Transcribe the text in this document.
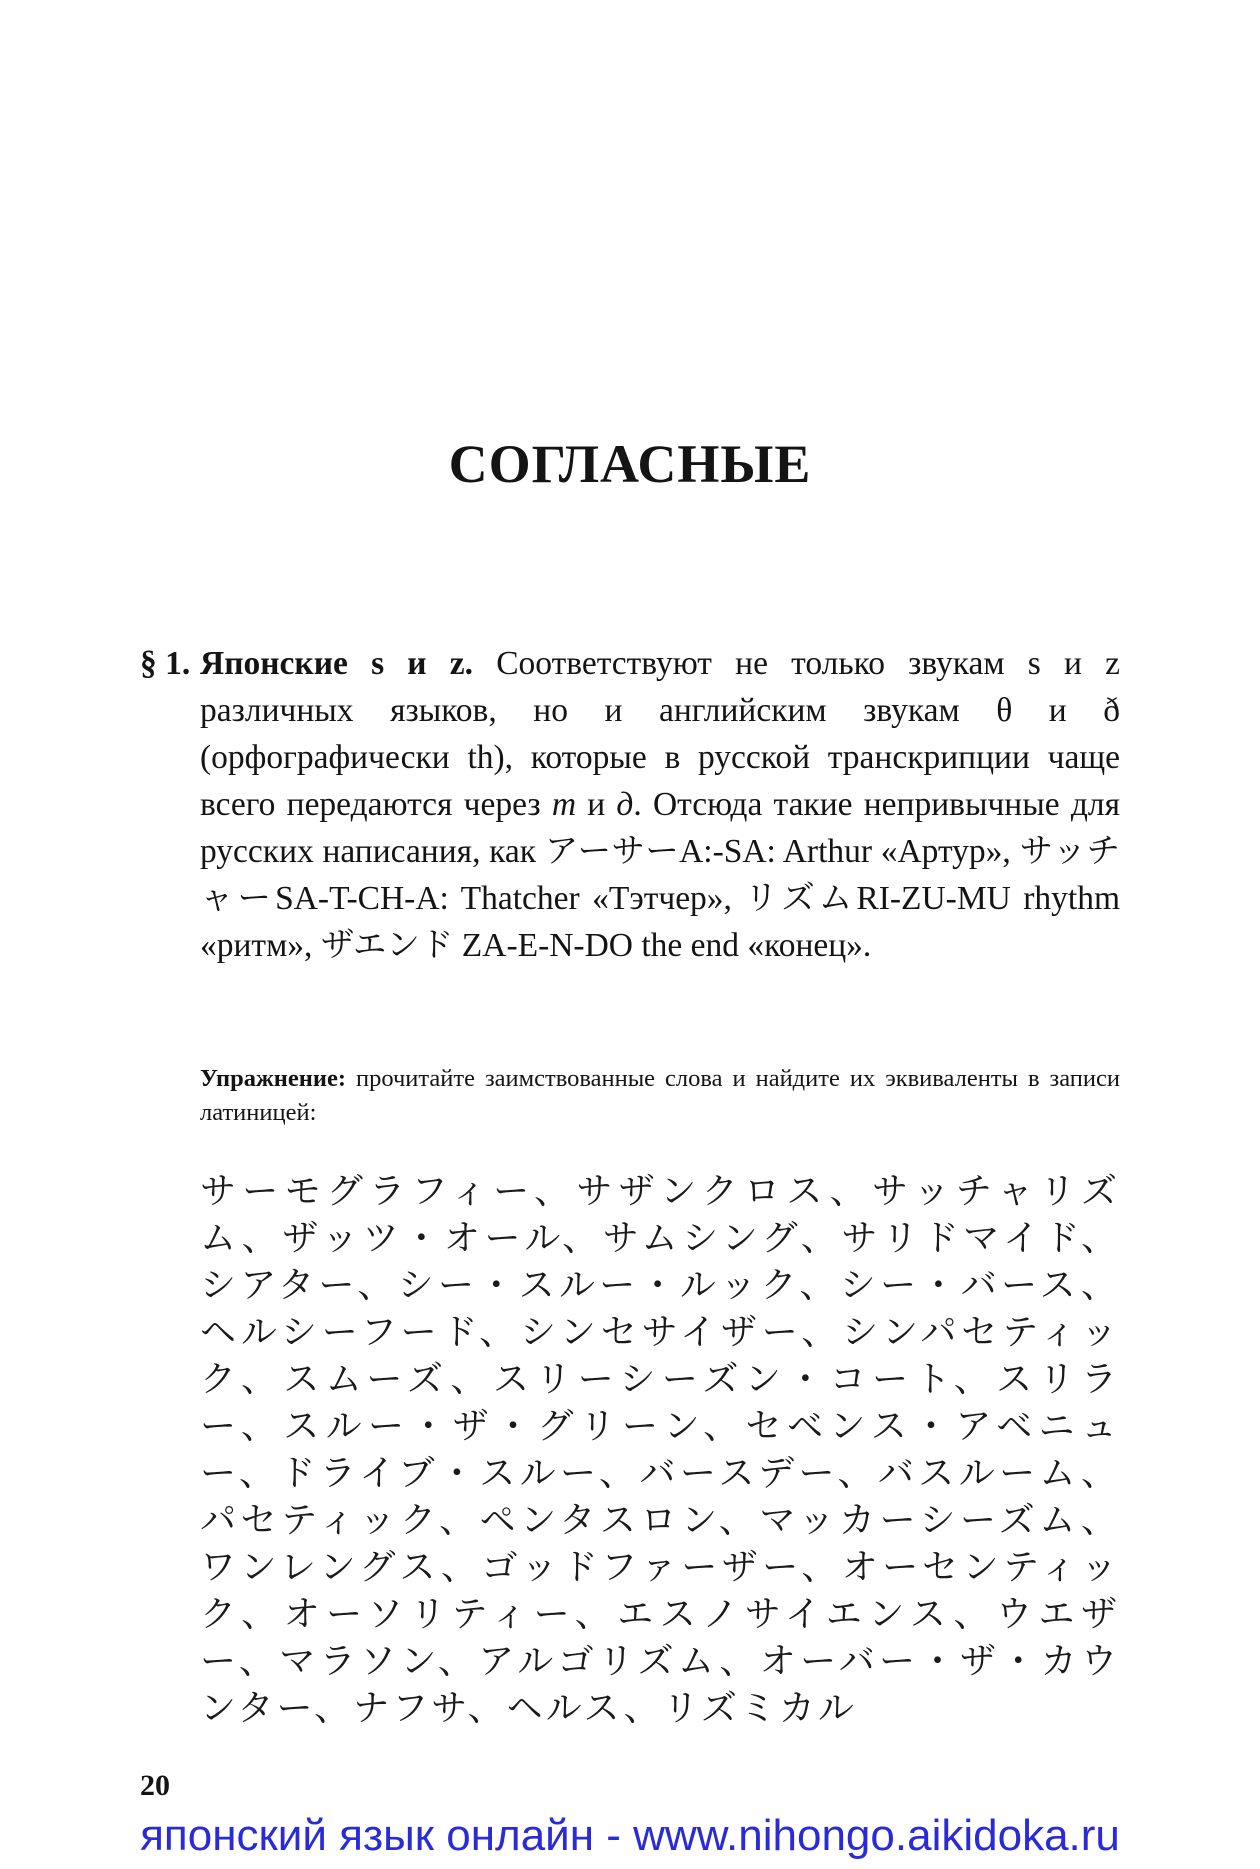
СОГЛАСНЫЕ

§ 1. Японские s и z. Соответствуют не только звукам s и z различных языков, но и английским звукам θ и ð (орфографически th), которые в русской транскрипции чаще всего передаются через т и д. Отсюда такие непривычные для русских написания, как アーサーA:-SA: Arthur «Артур», サッチャーSA-T-CH-A: Thatcher «Тэтчер», リズムRI-ZU-MU rhythm «ритм», ザエンド ZA-E-N-DO the end «конец».

Упражнение: прочитайте заимствованные слова и найдите их эквиваленты в записи латиницей:

サーモグラフィー、サザンクロス、サッチャリズム、ザッツ・オール、サムシング、サリドマイド、シアター、シー・スルー・ルック、シー・バース、ヘルシーフード、シンセサイザー、シンパセティック、スムーズ、スリーシーズン・コート、スリラー、スルー・ザ・グリーン、セベンス・アベニュー、ドライブ・スルー、バースデー、バスルーム、パセティック、ペンタスロン、マッカーシーズム、ワンレングス、ゴッドファーザー、オーセンティック、オーソリティー、エスノサイエンス、ウエザー、マラソン、アルゴリズム、オーバー・ザ・カウンター、ナフサ、ヘルス、リズミカル

20
японский язык онлайн - www.nihongo.aikidoka.ru
